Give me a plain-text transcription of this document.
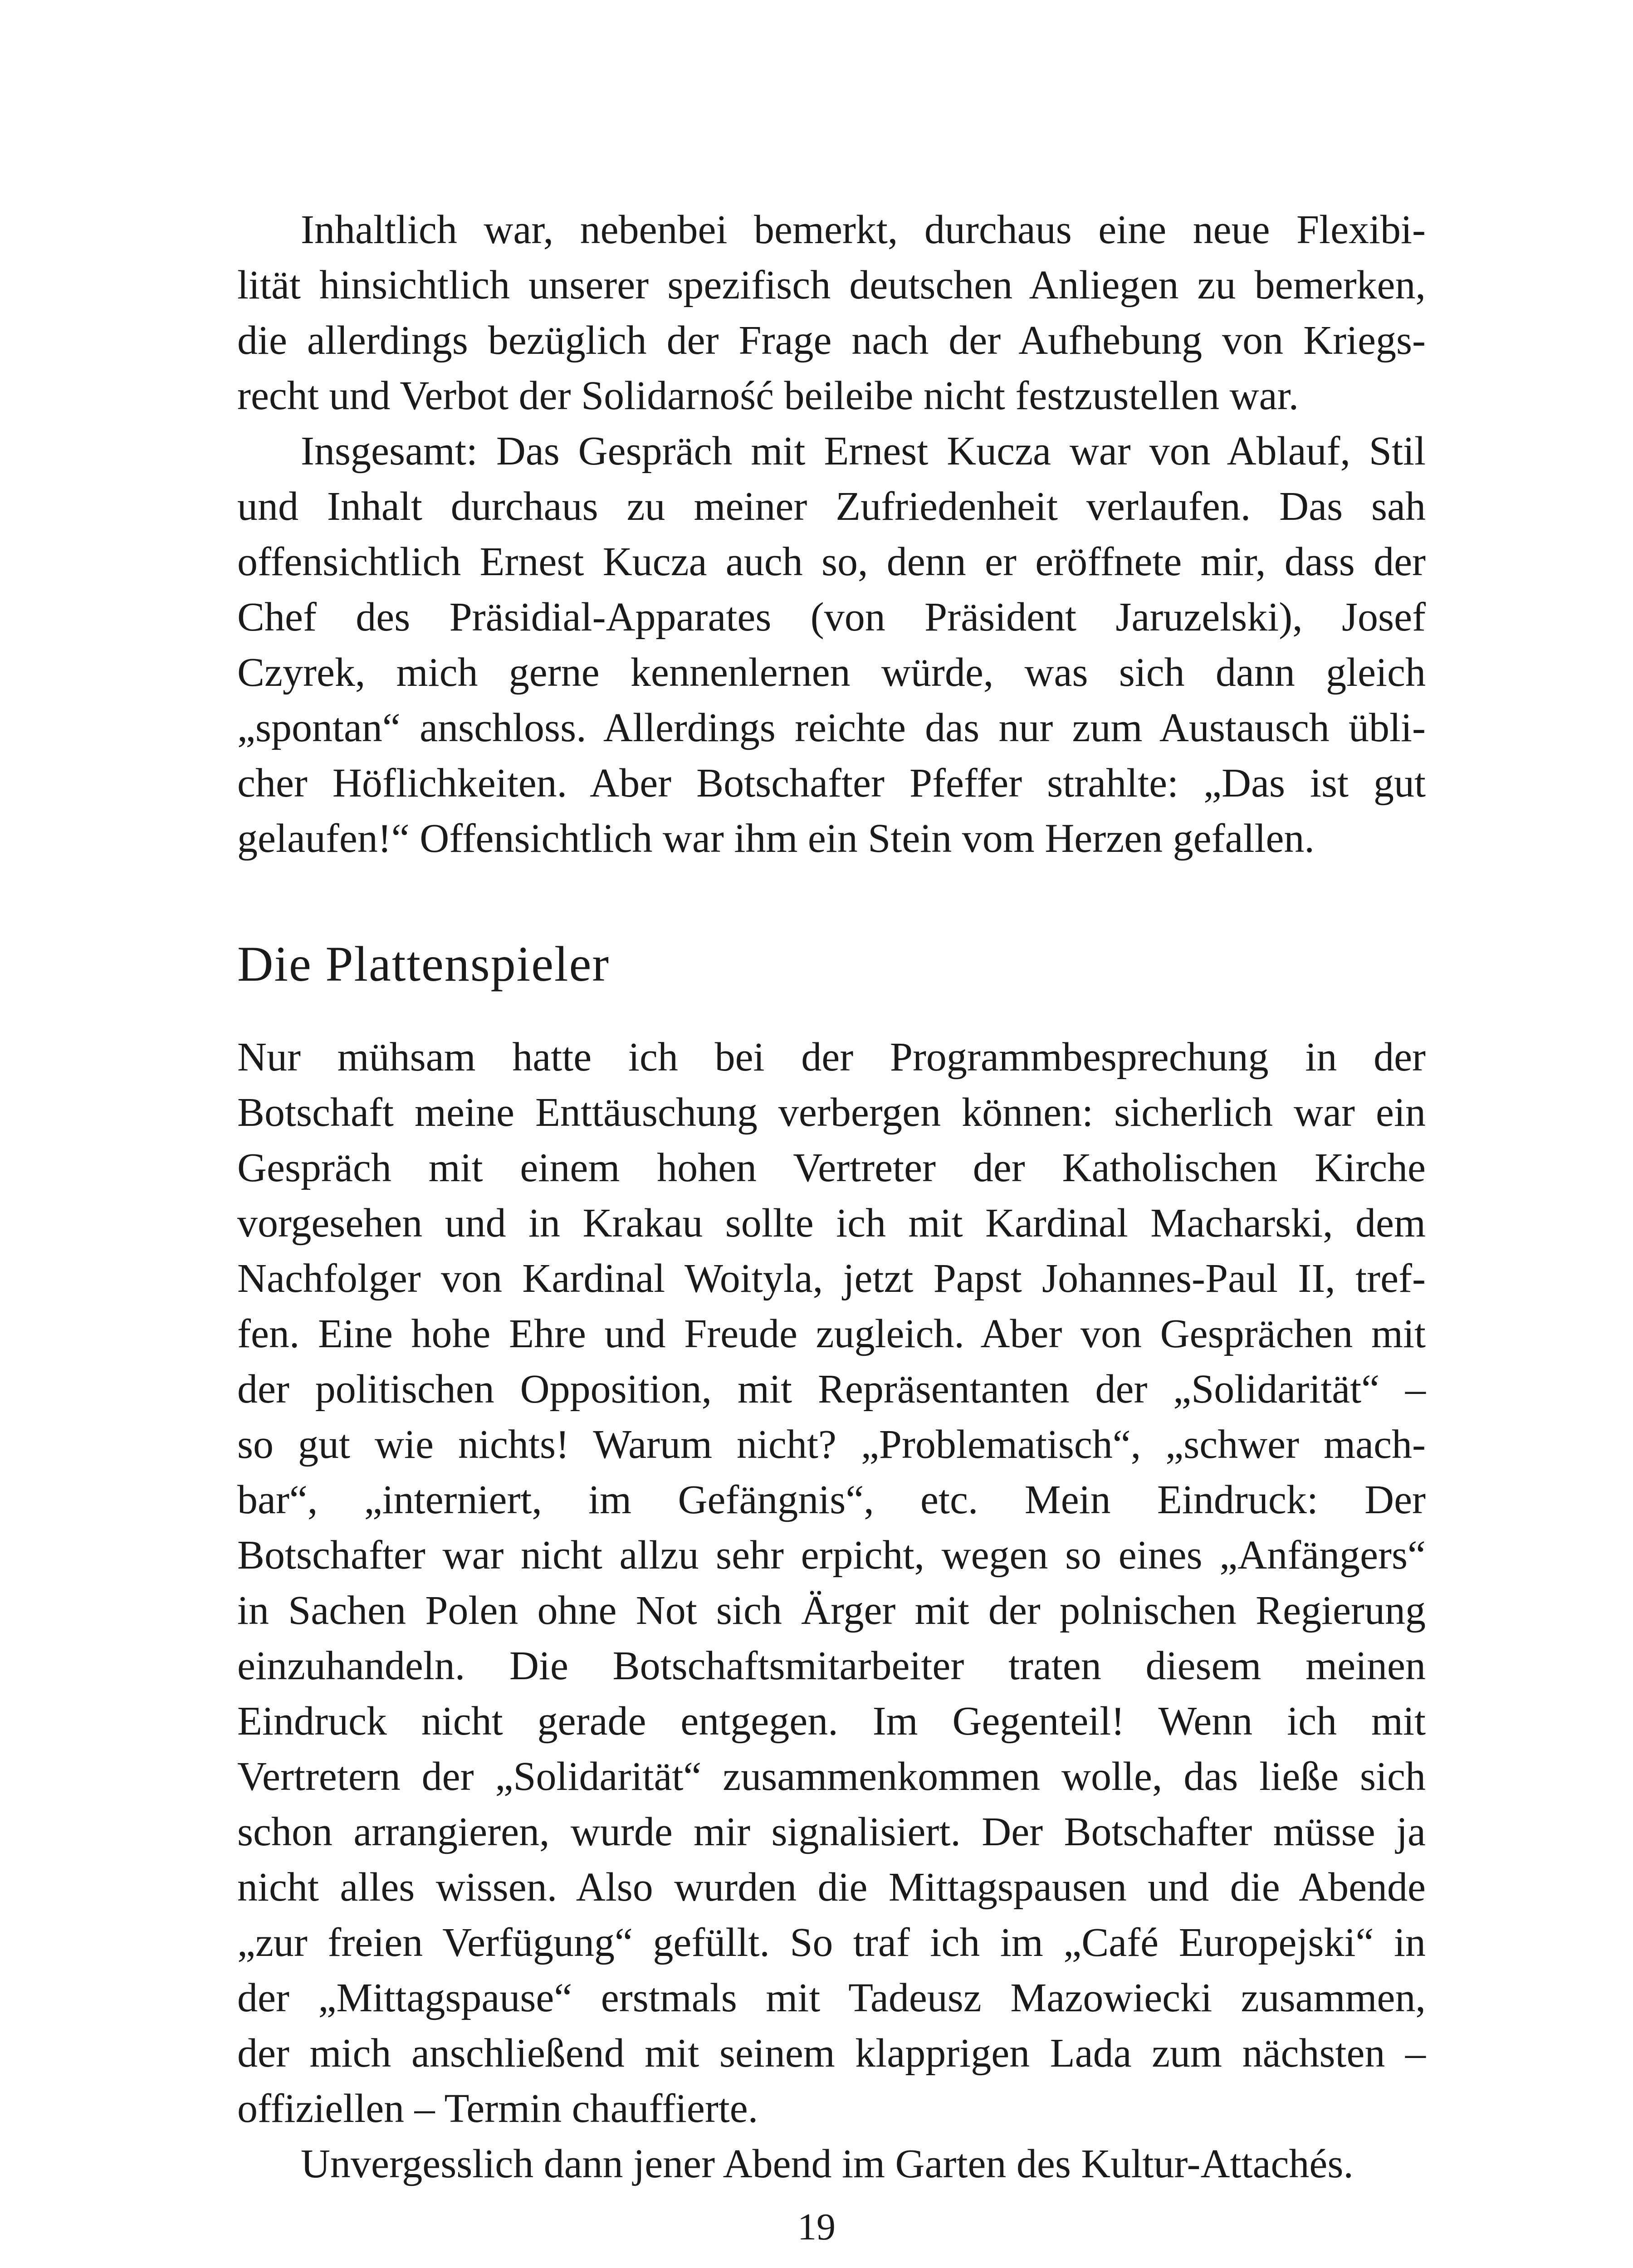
Inhaltlich war, nebenbei bemerkt, durchaus eine neue Flexibi-
lität hinsichtlich unserer spezifisch deutschen Anliegen zu bemerken,
die allerdings bezüglich der Frage nach der Aufhebung von Kriegs-
recht und Verbot der Solidarność beileibe nicht festzustellen war.
Insgesamt: Das Gespräch mit Ernest Kucza war von Ablauf, Stil
und Inhalt durchaus zu meiner Zufriedenheit verlaufen. Das sah
offensichtlich Ernest Kucza auch so, denn er eröffnete mir, dass der
Chef des Präsidial-Apparates (von Präsident Jaruzelski), Josef
Czyrek, mich gerne kennenlernen würde, was sich dann gleich
„spontan“ anschloss. Allerdings reichte das nur zum Austausch übli-
cher Höflichkeiten. Aber Botschafter Pfeffer strahlte: „Das ist gut
gelaufen!“ Offensichtlich war ihm ein Stein vom Herzen gefallen.
Die Plattenspieler
Nur mühsam hatte ich bei der Programmbesprechung in der
Botschaft meine Enttäuschung verbergen können: sicherlich war ein
Gespräch mit einem hohen Vertreter der Katholischen Kirche
vorgesehen und in Krakau sollte ich mit Kardinal Macharski, dem
Nachfolger von Kardinal Woityla, jetzt Papst Johannes-Paul II, tref-
fen. Eine hohe Ehre und Freude zugleich. Aber von Gesprächen mit
der politischen Opposition, mit Repräsentanten der „Solidarität“ –
so gut wie nichts! Warum nicht? „Problematisch“, „schwer mach-
bar“, „interniert, im Gefängnis“, etc. Mein Eindruck: Der
Botschafter war nicht allzu sehr erpicht, wegen so eines „Anfängers“
in Sachen Polen ohne Not sich Ärger mit der polnischen Regierung
einzuhandeln. Die Botschaftsmitarbeiter traten diesem meinen
Eindruck nicht gerade entgegen. Im Gegenteil! Wenn ich mit
Vertretern der „Solidarität“ zusammenkommen wolle, das ließe sich
schon arrangieren, wurde mir signalisiert. Der Botschafter müsse ja
nicht alles wissen. Also wurden die Mittagspausen und die Abende
„zur freien Verfügung“ gefüllt. So traf ich im „Café Europejski“ in
der „Mittagspause“ erstmals mit Tadeusz Mazowiecki zusammen,
der mich anschließend mit seinem klapprigen Lada zum nächsten –
offiziellen – Termin chauffierte.
Unvergesslich dann jener Abend im Garten des Kultur-Attachés.
19
